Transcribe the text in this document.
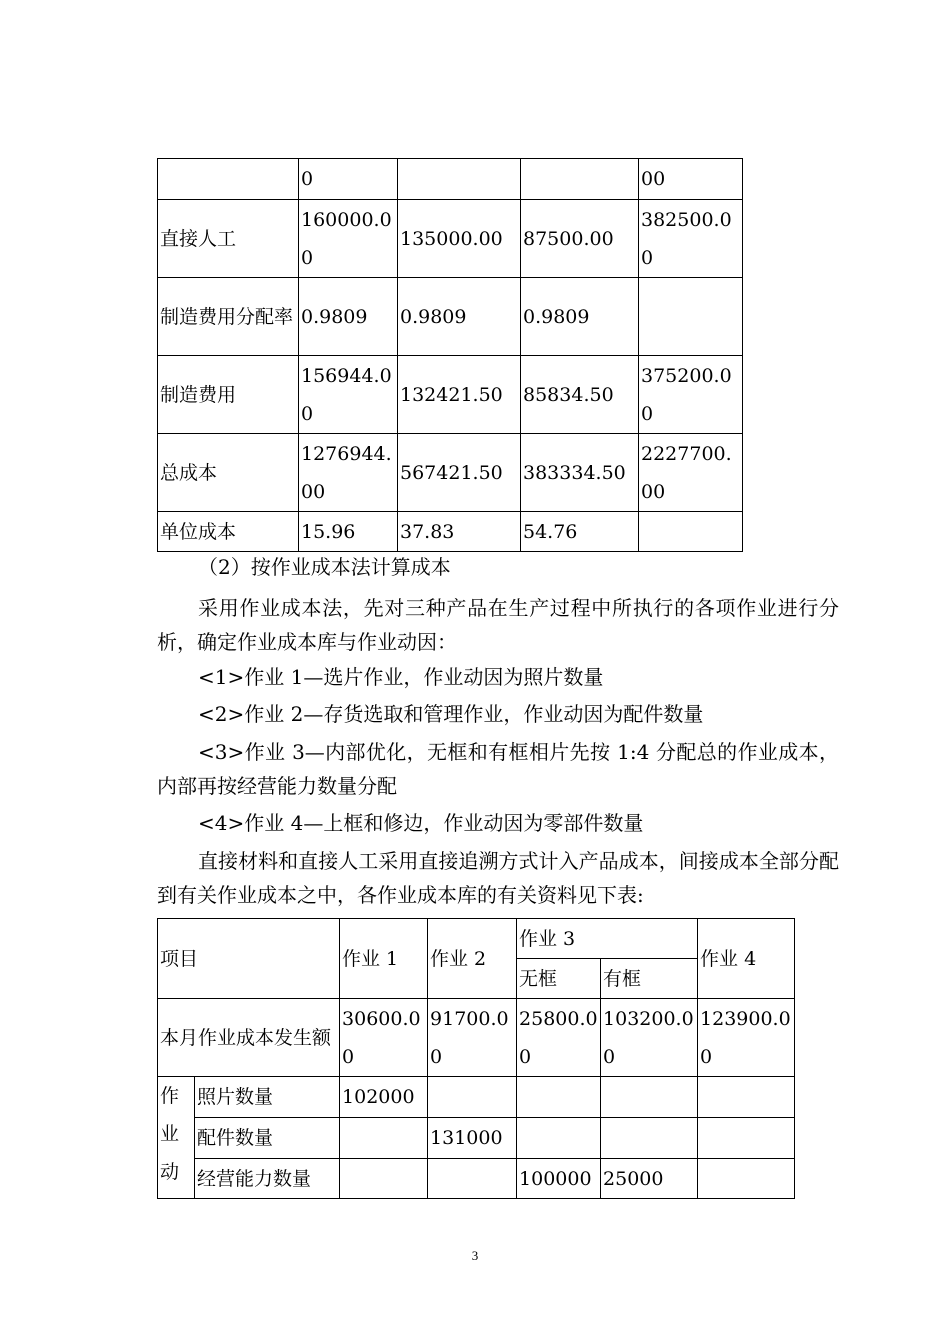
	0			00
直接人工	160000.00	135000.00	87500.00	382500.00
制造费用分配率	0.9809	0.9809	0.9809	
制造费用	156944.00	132421.50	85834.50	375200.00
总成本	1276944.00	567421.50	383334.50	2227700.00
单位成本	15.96	37.83	54.76	

（2）按作业成本法计算成本

采用作业成本法，先对三种产品在生产过程中所执行的各项作业进行分析，确定作业成本库与作业动因：

<1>作业 1—选片作业，作业动因为照片数量

<2>作业 2—存货选取和管理作业，作业动因为配件数量

<3>作业 3—内部优化，无框和有框相片先按 1:4 分配总的作业成本，内部再按经营能力数量分配

<4>作业 4—上框和修边，作业动因为零部件数量

直接材料和直接人工采用直接追溯方式计入产品成本，间接成本全部分配到有关作业成本之中，各作业成本库的有关资料见下表:

项目		作业 1	作业 2	作业 3		作业 4
				无框	有框	
本月作业成本发生额		30600.00	91700.00	25800.00	103200.00	123900.00
作业动	照片数量	102000				
	配件数量		131000			
	经营能力数量			100000	25000	
3
